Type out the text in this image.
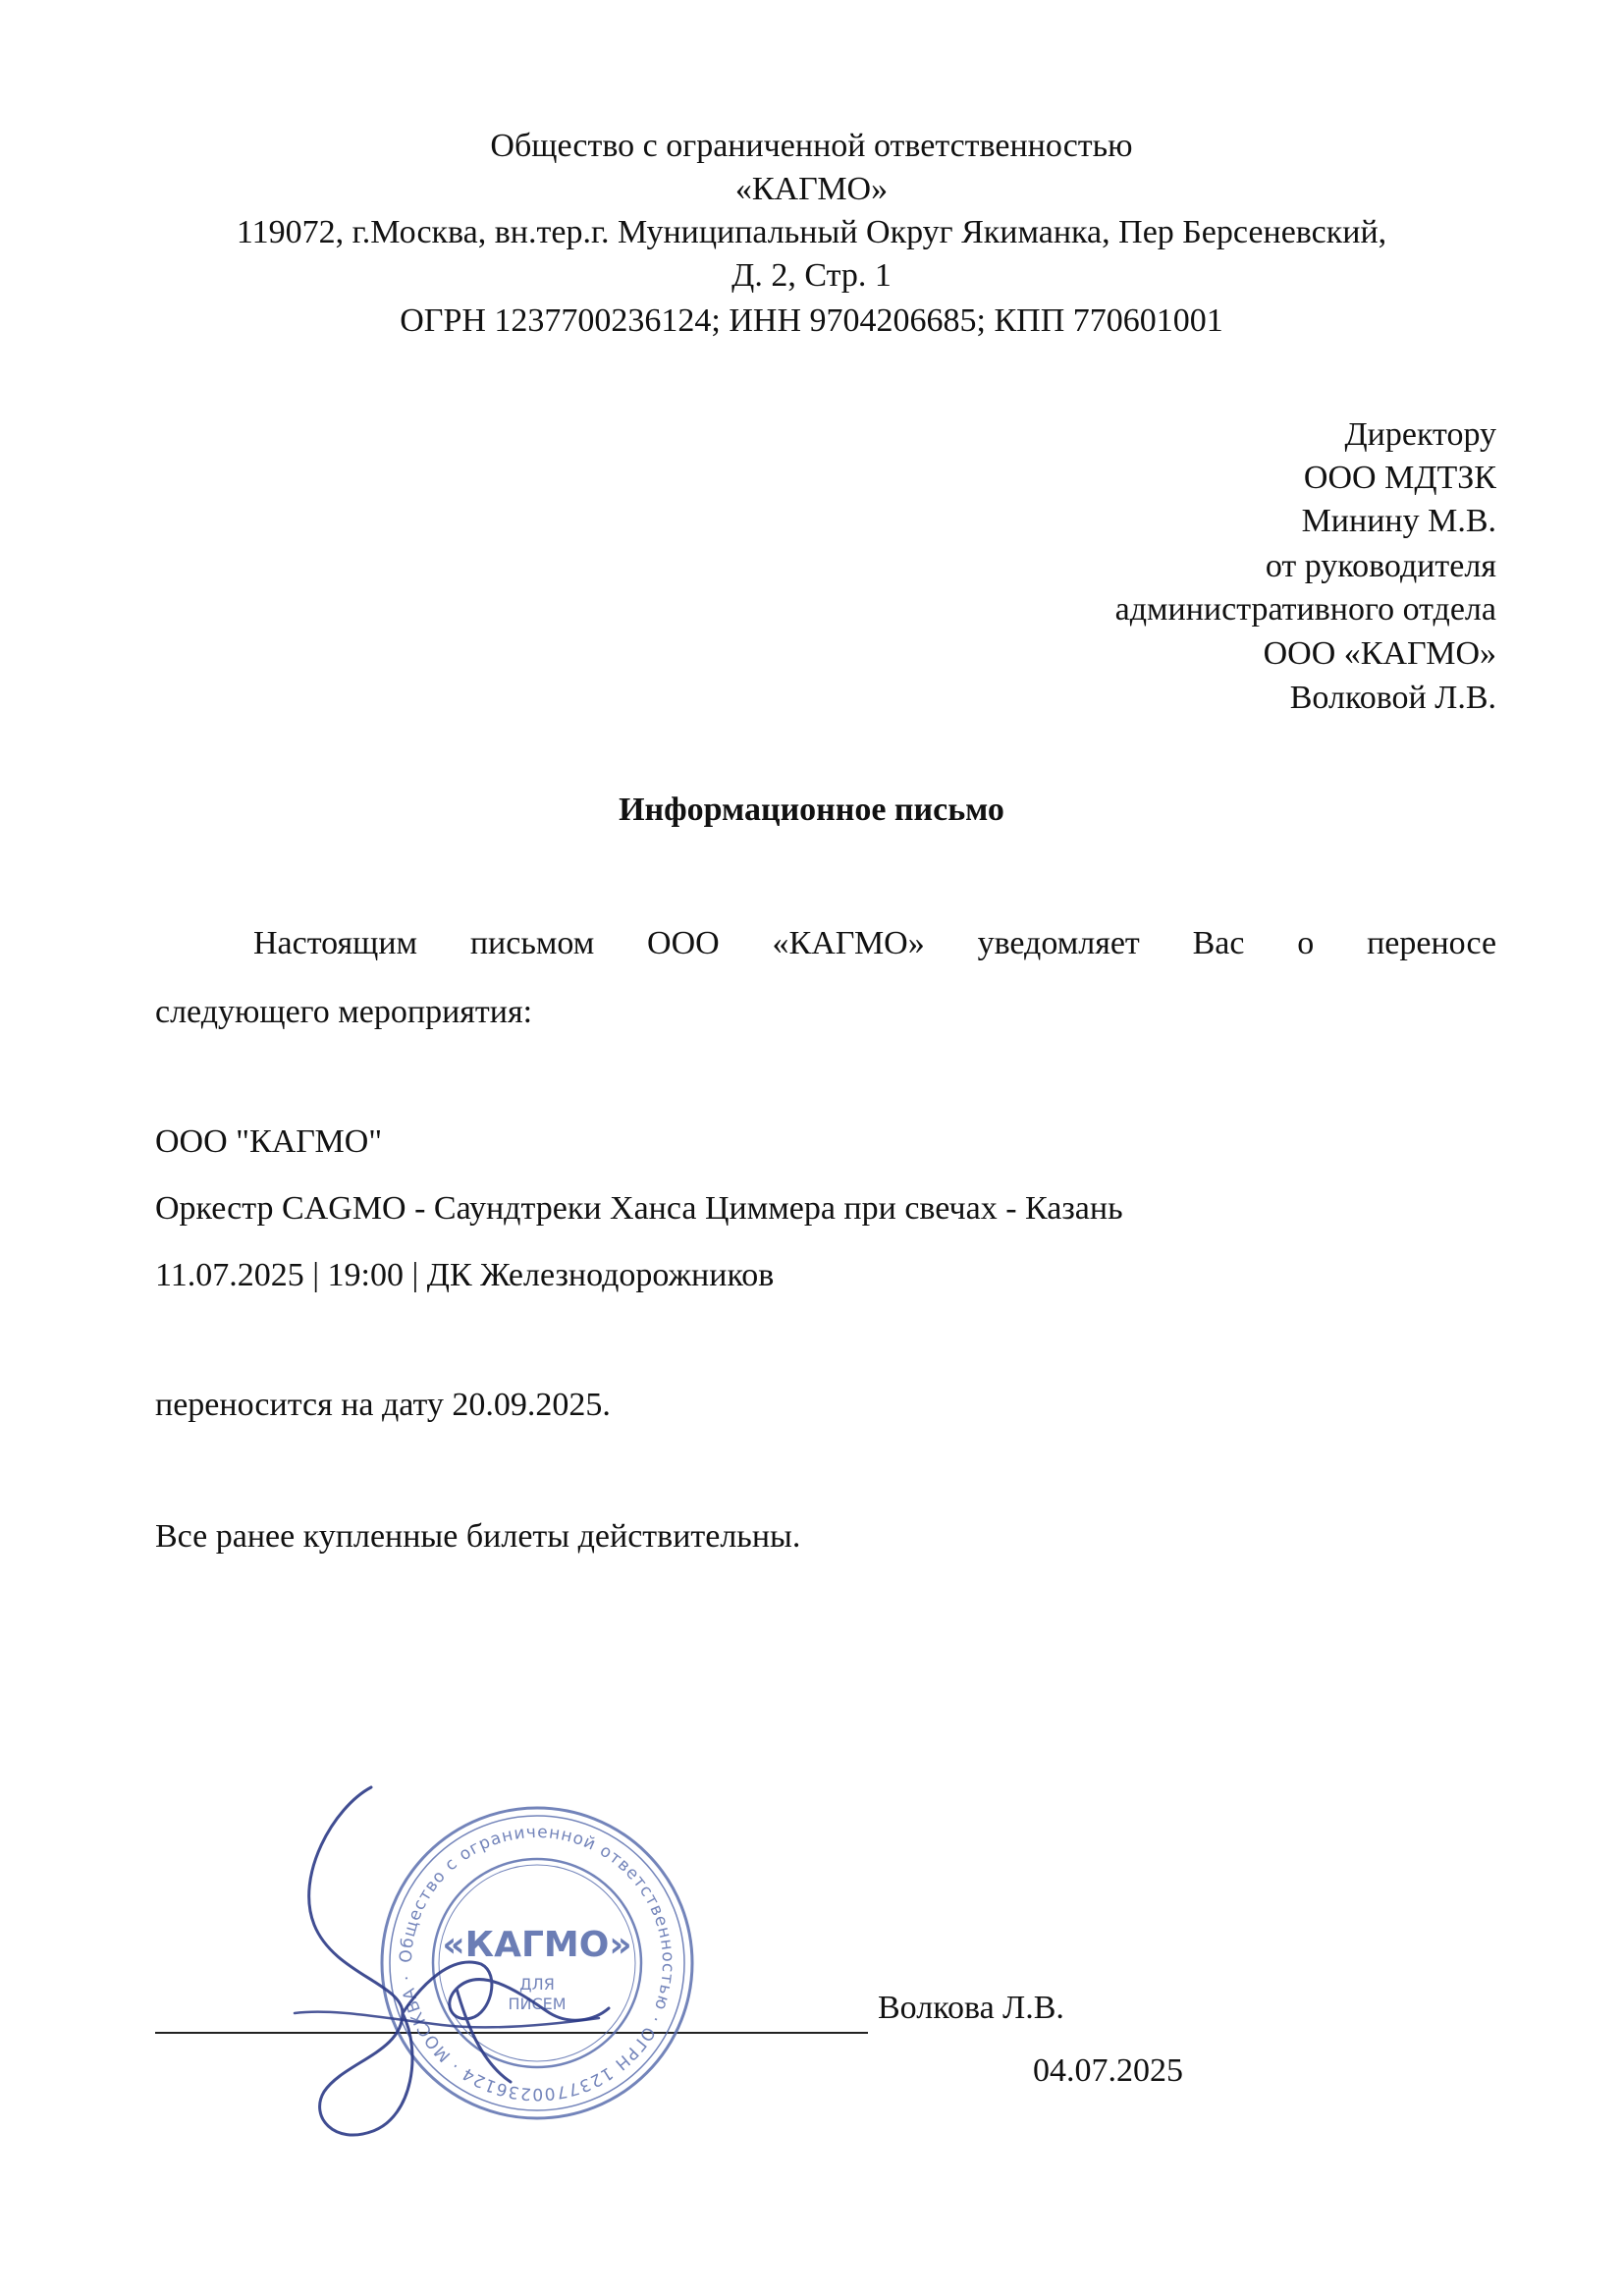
Общество с ограниченной ответственностью
«КАГМО»
119072, г.Москва, вн.тер.г. Муниципальный Округ Якиманка, Пер Берсеневский,
Д. 2, Стр. 1
ОГРН 1237700236124; ИНН 9704206685; КПП 770601001
Директору
ООО МДТЗК
Минину М.В.
от руководителя
административного отдела
ООО «КАГМО»
Волковой Л.В.
Информационное письмо
Настоящим письмом ООО «КАГМО» уведомляет Вас о переносе
следующего мероприятия:
ООО "КАГМО"
Оркестр CAGMO - Саундтреки Ханса Циммера при свечах - Казань
11.07.2025 | 19:00 | ДК Железнодорожников
переносится на дату 20.09.2025.
Все ранее купленные билеты действительны.
Волкова Л.В.
04.07.2025
Общество с ограниченной ответственностью · ОГРН 1237700236124 · МОСКВА ·
«КАГМО»
ДЛЯ
ПИСЕМ
